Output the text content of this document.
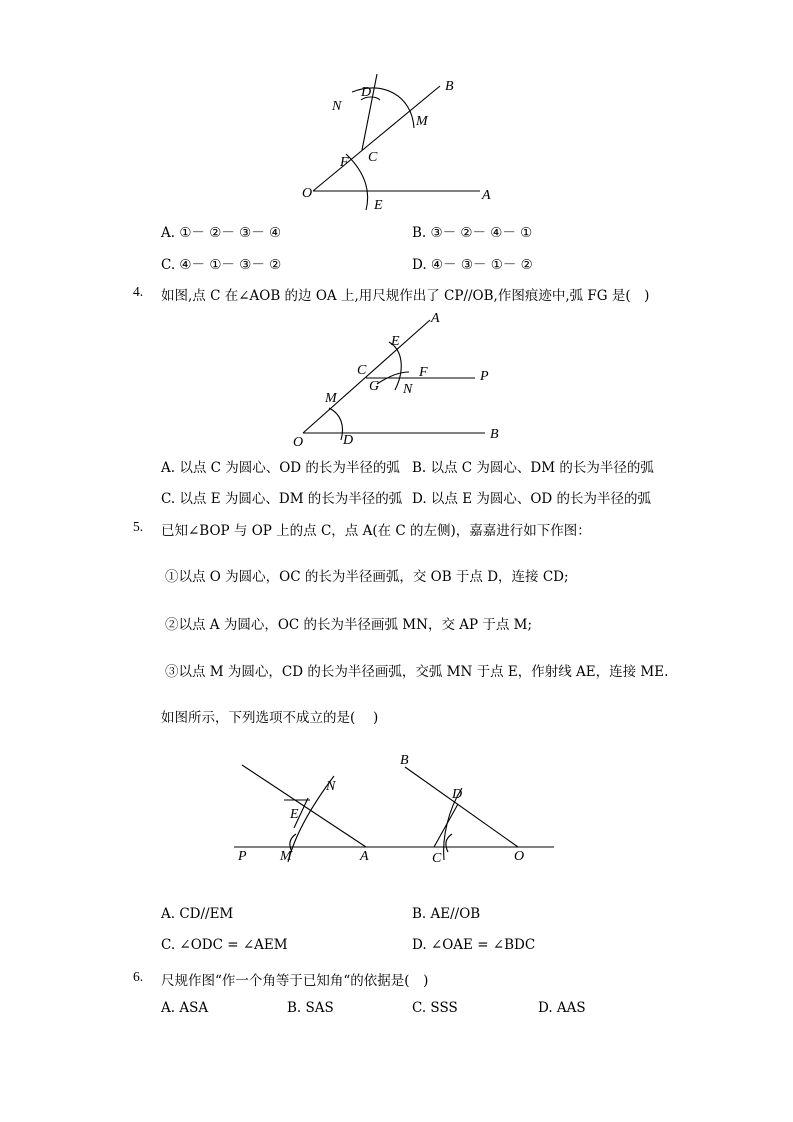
N
D	B
M
F C
O	A
E
A. ①－ ②－ ③－ ④	B. ③－ ②－ ④－ ①
C. ④－ ①－ ③－ ②	D. ④－ ③－ ①－ ②
4. 如图,点 C 在∠AOB 的边 OA 上,用尺规作出了 CP//OB,作图痕迹中,弧 FG 是(　)
A
E
C	F	P
G N
M
O	D	B
A. 以点 C 为圆心、OD 的长为半径的弧 B. 以点 C 为圆心、DM 的长为半径的弧
C. 以点 E 为圆心、DM 的长为半径的弧 D. 以点 E 为圆心、OD 的长为半径的弧
5. 已知∠BOP 与 OP 上的点 C，点 A(在 C 的左侧)，嘉嘉进行如下作图：
①以点 O 为圆心，OC 的长为半径画弧，交 OB 于点 D，连接 CD;
②以点 A 为圆心，OC 的长为半径画弧 MN，交 AP 于点 M;
③以点 M 为圆心，CD 的长为半径画弧，交弧 MN 于点 E，作射线 AE，连接 ME.
如图所示，下列选项不成立的是(　 )
N
E
P M	A
B
D
C	O
A. CD//EM	B. AE//OB
C. ∠ODC = ∠AEM	D. ∠OAE = ∠BDC
6. 尺规作图“作一个角等于已知角“的依据是(　)
A. ASA	B. SAS	C. SSS	D. AAS
